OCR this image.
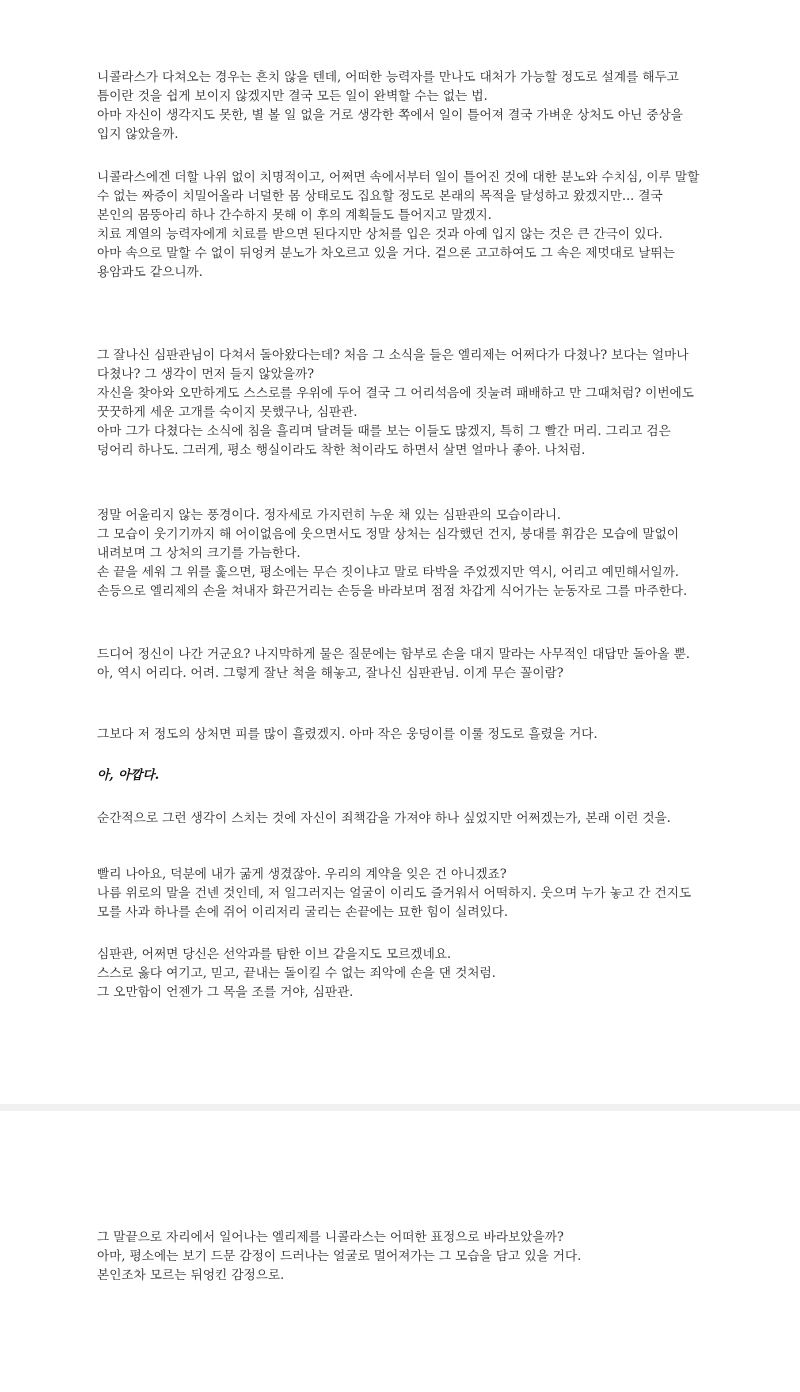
니콜라스가 다쳐오는 경우는 흔치 않을 텐데, 어떠한 능력자를 만나도 대처가 가능할 정도로 설계를 해두고 틈이란 것을 쉽게 보이지 않겠지만 결국 모든 일이 완벽할 수는 없는 법.
아마 자신이 생각지도 못한, 별 볼 일 없을 거로 생각한 쪽에서 일이 틀어져 결국 가벼운 상처도 아닌 중상을 입지 않았을까.

니콜라스에겐 더할 나위 없이 치명적이고, 어쩌면 속에서부터 일이 틀어진 것에 대한 분노와 수치심, 이루 말할 수 없는 짜증이 치밀어올라 너덜한 몸 상태로도 집요할 정도로 본래의 목적을 달성하고 왔겠지만... 결국 본인의 몸뚱아리 하나 간수하지 못해 이 후의 계획들도 틀어지고 말겠지.
치료 계열의 능력자에게 치료를 받으면 된다지만 상처를 입은 것과 아예 입지 않는 것은 큰 간극이 있다.
아마 속으로 말할 수 없이 뒤엉켜 분노가 차오르고 있을 거다. 겉으론 고고하여도 그 속은 제멋대로 날뛰는 용암과도 같으니까.

그 잘나신 심판관님이 다쳐서 돌아왔다는데? 처음 그 소식을 들은 엘리제는 어쩌다가 다쳤나? 보다는 얼마나 다쳤나? 그 생각이 먼저 들지 않았을까?
자신을 찾아와 오만하게도 스스로를 우위에 두어 결국 그 어리석음에 짓눌려 패배하고 만 그때처럼? 이번에도 꿋꿋하게 세운 고개를 숙이지 못했구나, 심판관.
아마 그가 다쳤다는 소식에 침을 흘리며 달려들 때를 보는 이들도 많겠지, 특히 그 빨간 머리. 그리고 검은 덩어리 하나도. 그러게, 평소 행실이라도 착한 척이라도 하면서 살면 얼마나 좋아. 나처럼.

정말 어울리지 않는 풍경이다. 정자세로 가지런히 누운 채 있는 심판관의 모습이라니.
그 모습이 웃기기까지 해 어이없음에 웃으면서도 정말 상처는 심각했던 건지, 붕대를 휘감은 모습에 말없이 내려보며 그 상처의 크기를 가늠한다.
손 끝을 세워 그 위를 훑으면, 평소에는 무슨 짓이냐고 말로 타박을 주었겠지만 역시, 어리고 예민해서일까. 손등으로 엘리제의 손을 쳐내자 화끈거리는 손등을 바라보며 점점 차갑게 식어가는 눈동자로 그를 마주한다.

드디어 정신이 나간 거군요? 나지막하게 물은 질문에는 함부로 손을 대지 말라는 사무적인 대답만 돌아올 뿐.
아, 역시 어리다. 어려. 그렇게 잘난 척을 해놓고, 잘나신 심판관님. 이게 무슨 꼴이람?

그보다 저 정도의 상처면 피를 많이 흘렸겠지. 아마 작은 웅덩이를 이룰 정도로 흘렸을 거다.

아, 아깝다.

순간적으로 그런 생각이 스치는 것에 자신이 죄책감을 가져야 하나 싶었지만 어쩌겠는가, 본래 이런 것을.

빨리 나아요, 덕분에 내가 굶게 생겼잖아. 우리의 계약을 잊은 건 아니겠죠?
나름 위로의 말을 건넨 것인데, 저 일그러지는 얼굴이 이리도 즐거워서 어떡하지. 웃으며 누가 놓고 간 건지도 모를 사과 하나를 손에 쥐어 이리저리 굴리는 손끝에는 묘한 힘이 실려있다.

심판관, 어쩌면 당신은 선악과를 탐한 이브 같을지도 모르겠네요.
스스로 옳다 여기고, 믿고, 끝내는 돌이킬 수 없는 죄악에 손을 댄 것처럼.
그 오만함이 언젠가 그 목을 조를 거야, 심판관.

그 말끝으로 자리에서 일어나는 엘리제를 니콜라스는 어떠한 표정으로 바라보았을까?
아마, 평소에는 보기 드문 감정이 드러나는 얼굴로 멀어져가는 그 모습을 담고 있을 거다.
본인조차 모르는 뒤엉킨 감정으로.
